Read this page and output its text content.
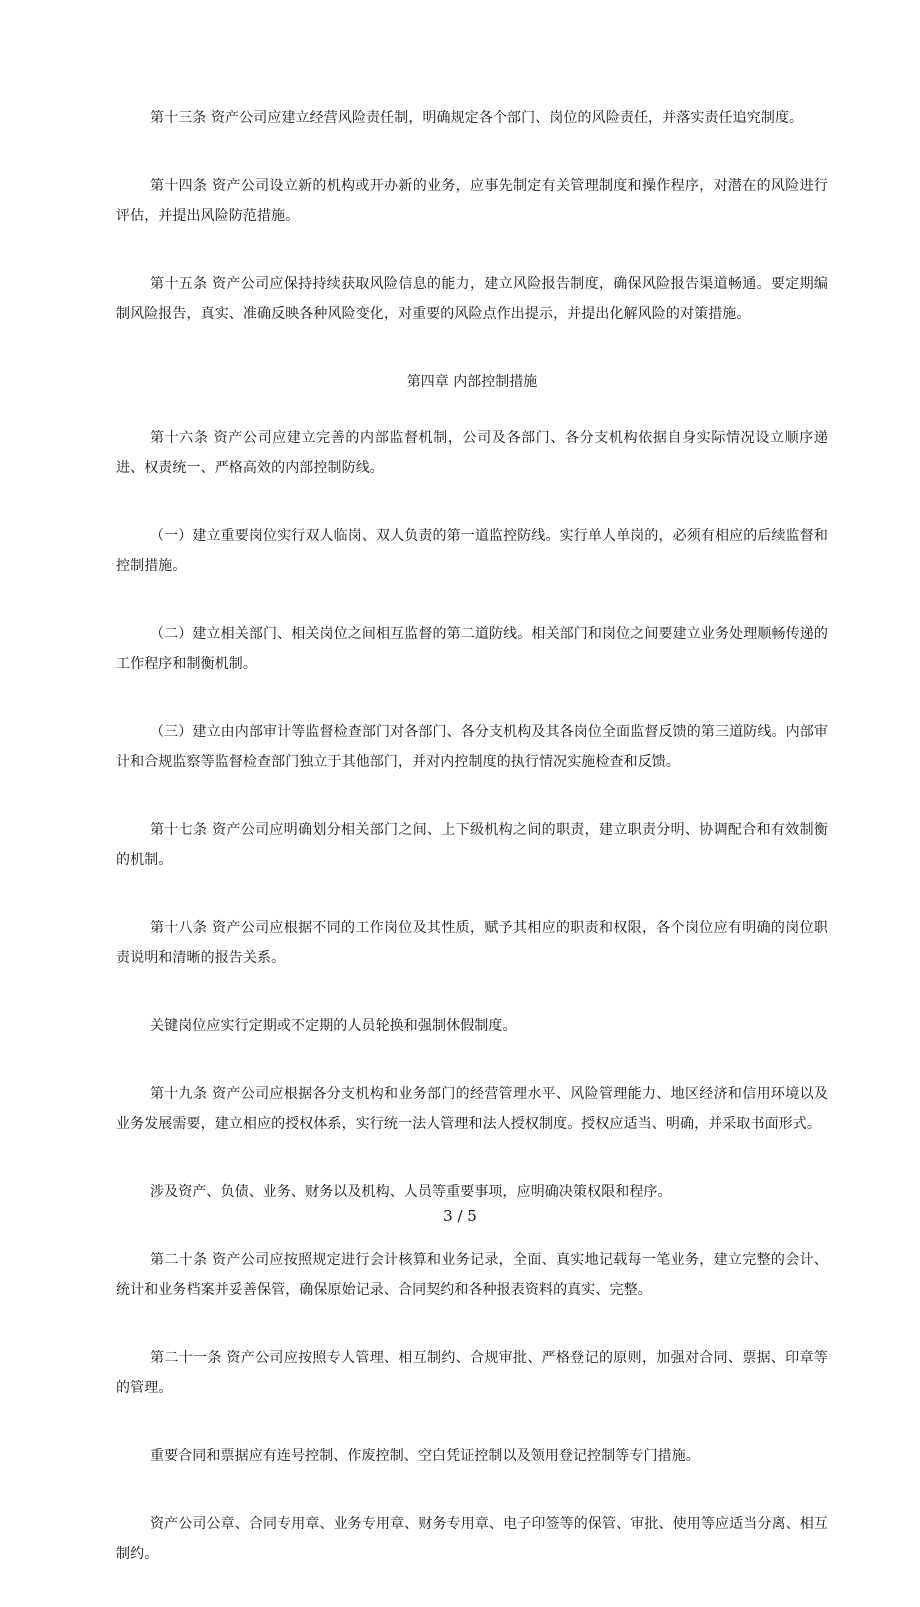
第十三条 资产公司应建立经营风险责任制，明确规定各个部门、岗位的风险责任，并落实责任追究制度。

第十四条 资产公司设立新的机构或开办新的业务，应事先制定有关管理制度和操作程序，对潜在的风险进行评估，并提出风险防范措施。

第十五条 资产公司应保持持续获取风险信息的能力，建立风险报告制度，确保风险报告渠道畅通。要定期编制风险报告，真实、准确反映各种风险变化，对重要的风险点作出提示，并提出化解风险的对策措施。

第四章 内部控制措施

第十六条 资产公司应建立完善的内部监督机制，公司及各部门、各分支机构依据自身实际情况设立顺序递进、权责统一、严格高效的内部控制防线。

（一）建立重要岗位实行双人临岗、双人负责的第一道监控防线。实行单人单岗的，必须有相应的后续监督和控制措施。

（二）建立相关部门、相关岗位之间相互监督的第二道防线。相关部门和岗位之间要建立业务处理顺畅传递的工作程序和制衡机制。

（三）建立由内部审计等监督检查部门对各部门、各分支机构及其各岗位全面监督反馈的第三道防线。内部审计和合规监察等监督检查部门独立于其他部门，并对内控制度的执行情况实施检查和反馈。

第十七条 资产公司应明确划分相关部门之间、上下级机构之间的职责，建立职责分明、协调配合和有效制衡的机制。

第十八条 资产公司应根据不同的工作岗位及其性质，赋予其相应的职责和权限，各个岗位应有明确的岗位职责说明和清晰的报告关系。

关键岗位应实行定期或不定期的人员轮换和强制休假制度。

第十九条 资产公司应根据各分支机构和业务部门的经营管理水平、风险管理能力、地区经济和信用环境以及业务发展需要，建立相应的授权体系，实行统一法人管理和法人授权制度。授权应适当、明确，并采取书面形式。

涉及资产、负债、业务、财务以及机构、人员等重要事项，应明确决策权限和程序。

第二十条 资产公司应按照规定进行会计核算和业务记录，全面、真实地记载每一笔业务，建立完整的会计、统计和业务档案并妥善保管，确保原始记录、合同契约和各种报表资料的真实、完整。

第二十一条 资产公司应按照专人管理、相互制约、合规审批、严格登记的原则，加强对合同、票据、印章等的管理。

重要合同和票据应有连号控制、作废控制、空白凭证控制以及领用登记控制等专门措施。

资产公司公章、合同专用章、业务专用章、财务专用章、电子印签等的保管、审批、使用等应适当分离、相互制约。

3 / 5
